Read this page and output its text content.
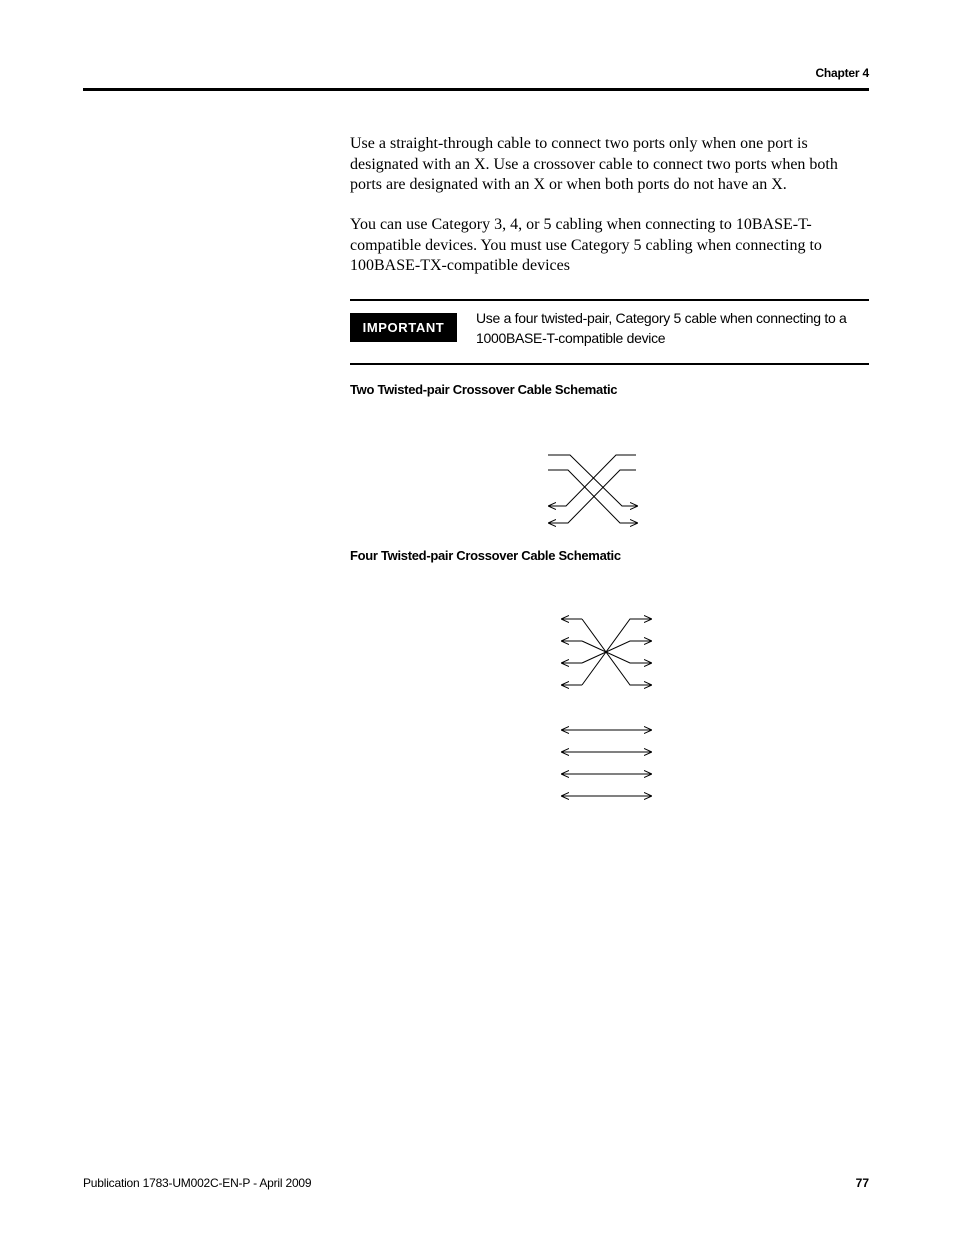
Chapter 4

Use a straight-through cable to connect two ports only when one port is designated with an X. Use a crossover cable to connect two ports when both ports are designated with an X or when both ports do not have an X.

You can use Category 3, 4, or 5 cabling when connecting to 10BASE-T-compatible devices. You must use Category 5 cabling when connecting to 100BASE-TX-compatible devices

IMPORTANT
Use a four twisted-pair, Category 5 cable when connecting to a 1000BASE-T-compatible device
Two Twisted-pair Crossover Cable Schematic
Four Twisted-pair Crossover Cable Schematic
Publication 1783-UM002C-EN-P - April 2009	77
